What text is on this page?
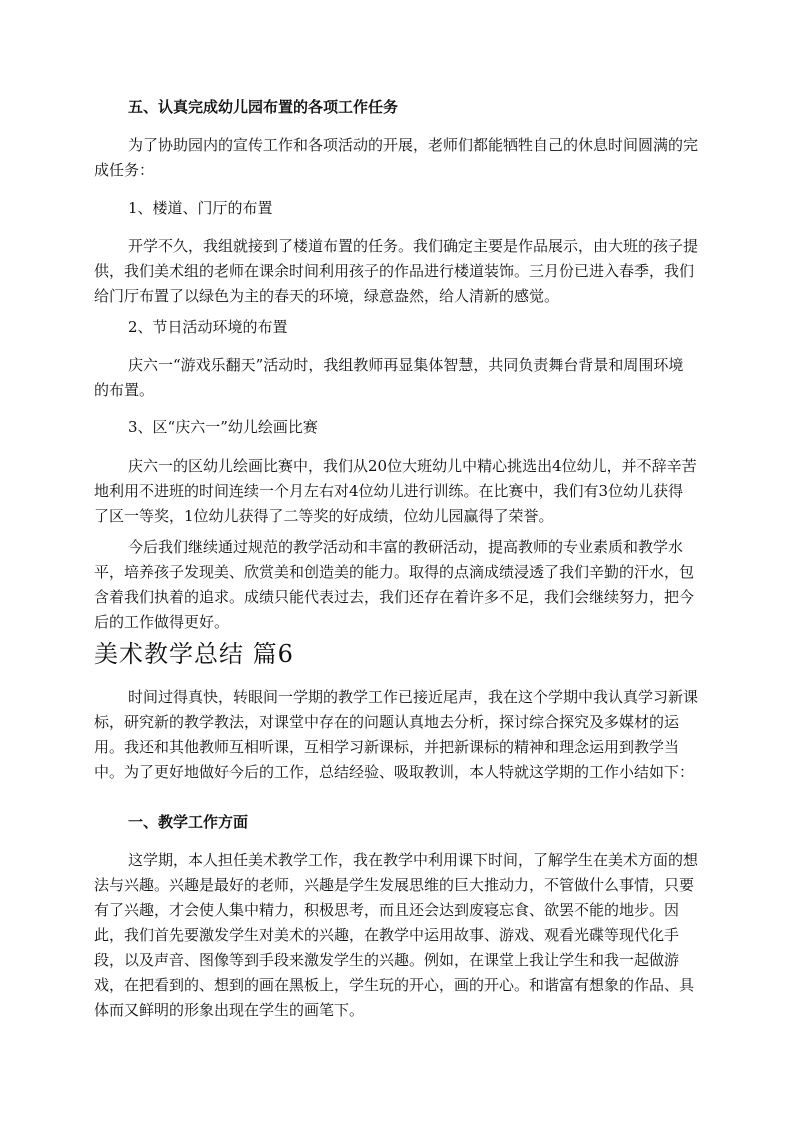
五、认真完成幼儿园布置的各项工作任务

为了协助园内的宣传工作和各项活动的开展，老师们都能牺牲自己的休息时间圆满的完成任务：

1、楼道、门厅的布置

开学不久，我组就接到了楼道布置的任务。我们确定主要是作品展示，由大班的孩子提供，我们美术组的老师在课余时间利用孩子的作品进行楼道装饰。三月份已进入春季，我们给门厅布置了以绿色为主的春天的环境，绿意盎然，给人清新的感觉。

2、节日活动环境的布置

庆六一“游戏乐翻天”活动时，我组教师再显集体智慧，共同负责舞台背景和周围环境的布置。

3、区“庆六一”幼儿绘画比赛

庆六一的区幼儿绘画比赛中，我们从20位大班幼儿中精心挑选出4位幼儿，并不辞辛苦地利用不进班的时间连续一个月左右对4位幼儿进行训练。在比赛中，我们有3位幼儿获得了区一等奖，1位幼儿获得了二等奖的好成绩，位幼儿园赢得了荣誉。

今后我们继续通过规范的教学活动和丰富的教研活动，提高教师的专业素质和教学水平，培养孩子发现美、欣赏美和创造美的能力。取得的点滴成绩浸透了我们辛勤的汗水，包含着我们执着的追求。成绩只能代表过去，我们还存在着许多不足，我们会继续努力，把今后的工作做得更好。

美术教学总结 篇6

时间过得真快，转眼间一学期的教学工作已接近尾声，我在这个学期中我认真学习新课标，研究新的教学教法，对课堂中存在的问题认真地去分析，探讨综合探究及多媒材的运用。我还和其他教师互相听课，互相学习新课标，并把新课标的精神和理念运用到教学当中。为了更好地做好今后的工作，总结经验、吸取教训，本人特就这学期的工作小结如下：

一、教学工作方面

这学期，本人担任美术教学工作，我在教学中利用课下时间，了解学生在美术方面的想法与兴趣。兴趣是最好的老师，兴趣是学生发展思维的巨大推动力，不管做什么事情，只要有了兴趣，才会使人集中精力，积极思考，而且还会达到废寝忘食、欲罢不能的地步。因此，我们首先要激发学生对美术的兴趣，在教学中运用故事、游戏、观看光碟等现代化手段，以及声音、图像等到手段来激发学生的兴趣。例如，在课堂上我让学生和我一起做游戏，在把看到的、想到的画在黑板上，学生玩的开心，画的开心。和谐富有想象的作品、具体而又鲜明的形象出现在学生的画笔下。
